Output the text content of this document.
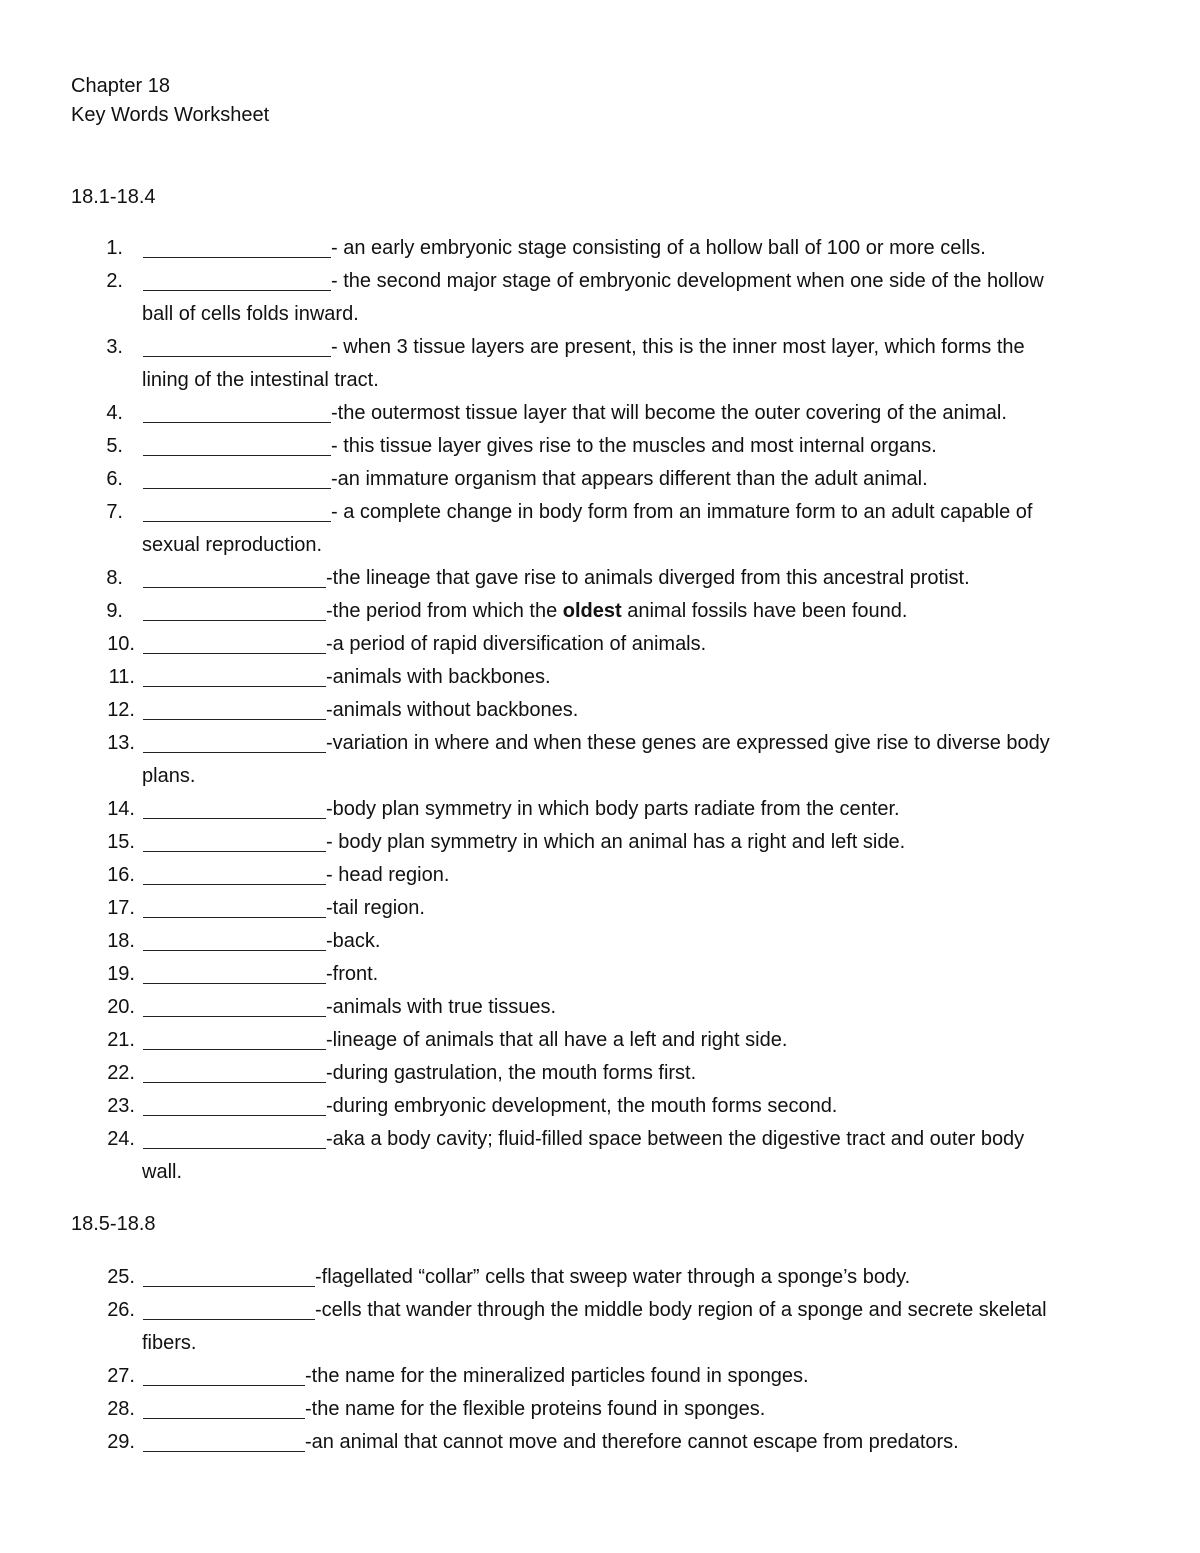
Chapter 18
Key Words Worksheet
18.1-18.4
18.5-18.8
1.	- an early embryonic stage consisting of a hollow ball of 100 or more cells.
2.	- the second major stage of embryonic development when one side of the hollow
ball of cells folds inward.
3.	- when 3 tissue layers are present, this is the inner most layer, which forms the
lining of the intestinal tract.
4.	-the outermost tissue layer that will become the outer covering of the animal.
5.	- this tissue layer gives rise to the muscles and most internal organs.
6.	-an immature organism that appears different than the adult animal.
7.	- a complete change in body form from an immature form to an adult capable of
sexual reproduction.
8.	-the lineage that gave rise to animals diverged from this ancestral protist.
9.	-the period from which the oldest animal fossils have been found.
10.	-a period of rapid diversification of animals.
11.	-animals with backbones.
12.	-animals without backbones.
13.	-variation in where and when these genes are expressed give rise to diverse body
plans.
14.	-body plan symmetry in which body parts radiate from the center.
15.	- body plan symmetry in which an animal has a right and left side.
16.	- head region.
17.	-tail region.
18.	-back.
19.	-front.
20.	-animals with true tissues.
21.	-lineage of animals that all have a left and right side.
22.	-during gastrulation, the mouth forms first.
23.	-during embryonic development, the mouth forms second.
24.	-aka a body cavity; fluid-filled space between the digestive tract and outer body
wall.
25.	-flagellated “collar” cells that sweep water through a sponge’s body.
26.	-cells that wander through the middle body region of a sponge and secrete skeletal
fibers.
27.	-the name for the mineralized particles found in sponges.
28.	-the name for the flexible proteins found in sponges.
29.	-an animal that cannot move and therefore cannot escape from predators.
